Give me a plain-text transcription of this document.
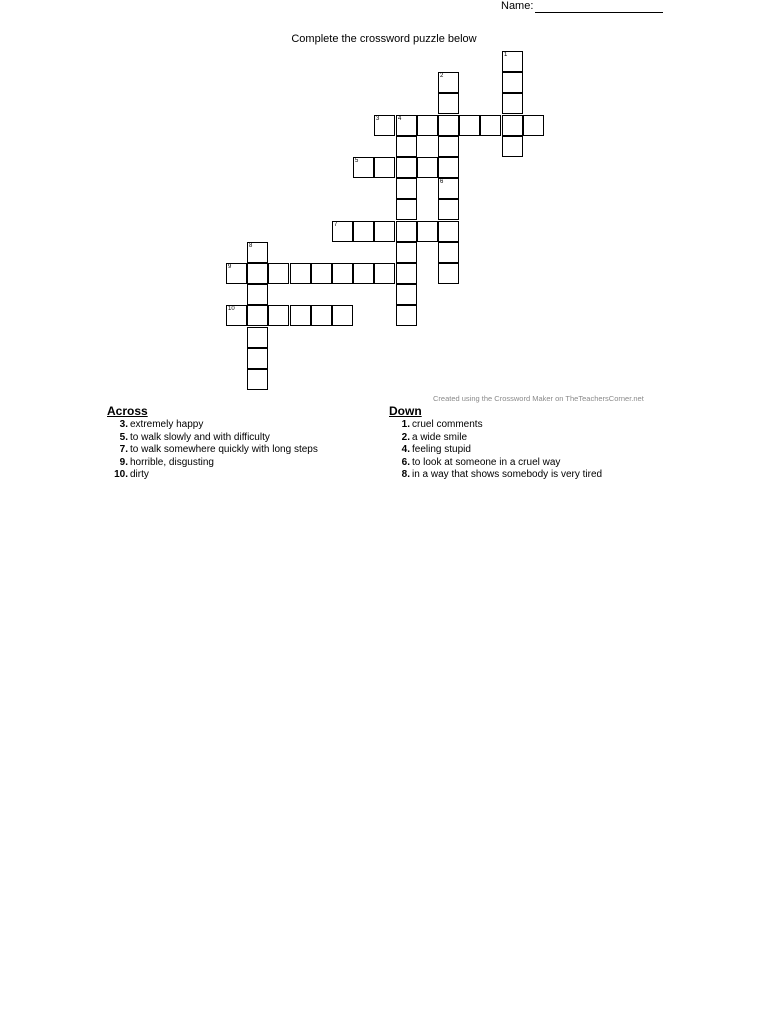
Name:
Complete the crossword puzzle below
1
2
3	4
5
6
7
8
9
10
Created using the Crossword Maker on TheTeachersCorner.net
Across
3. extremely happy
5. to walk slowly and with difficulty
7. to walk somewhere quickly with long steps
9. horrible, disgusting
10. dirty
Down
1. cruel comments
2. a wide smile
4. feeling stupid
6. to look at someone in a cruel way
8. in a way that shows somebody is very tired
